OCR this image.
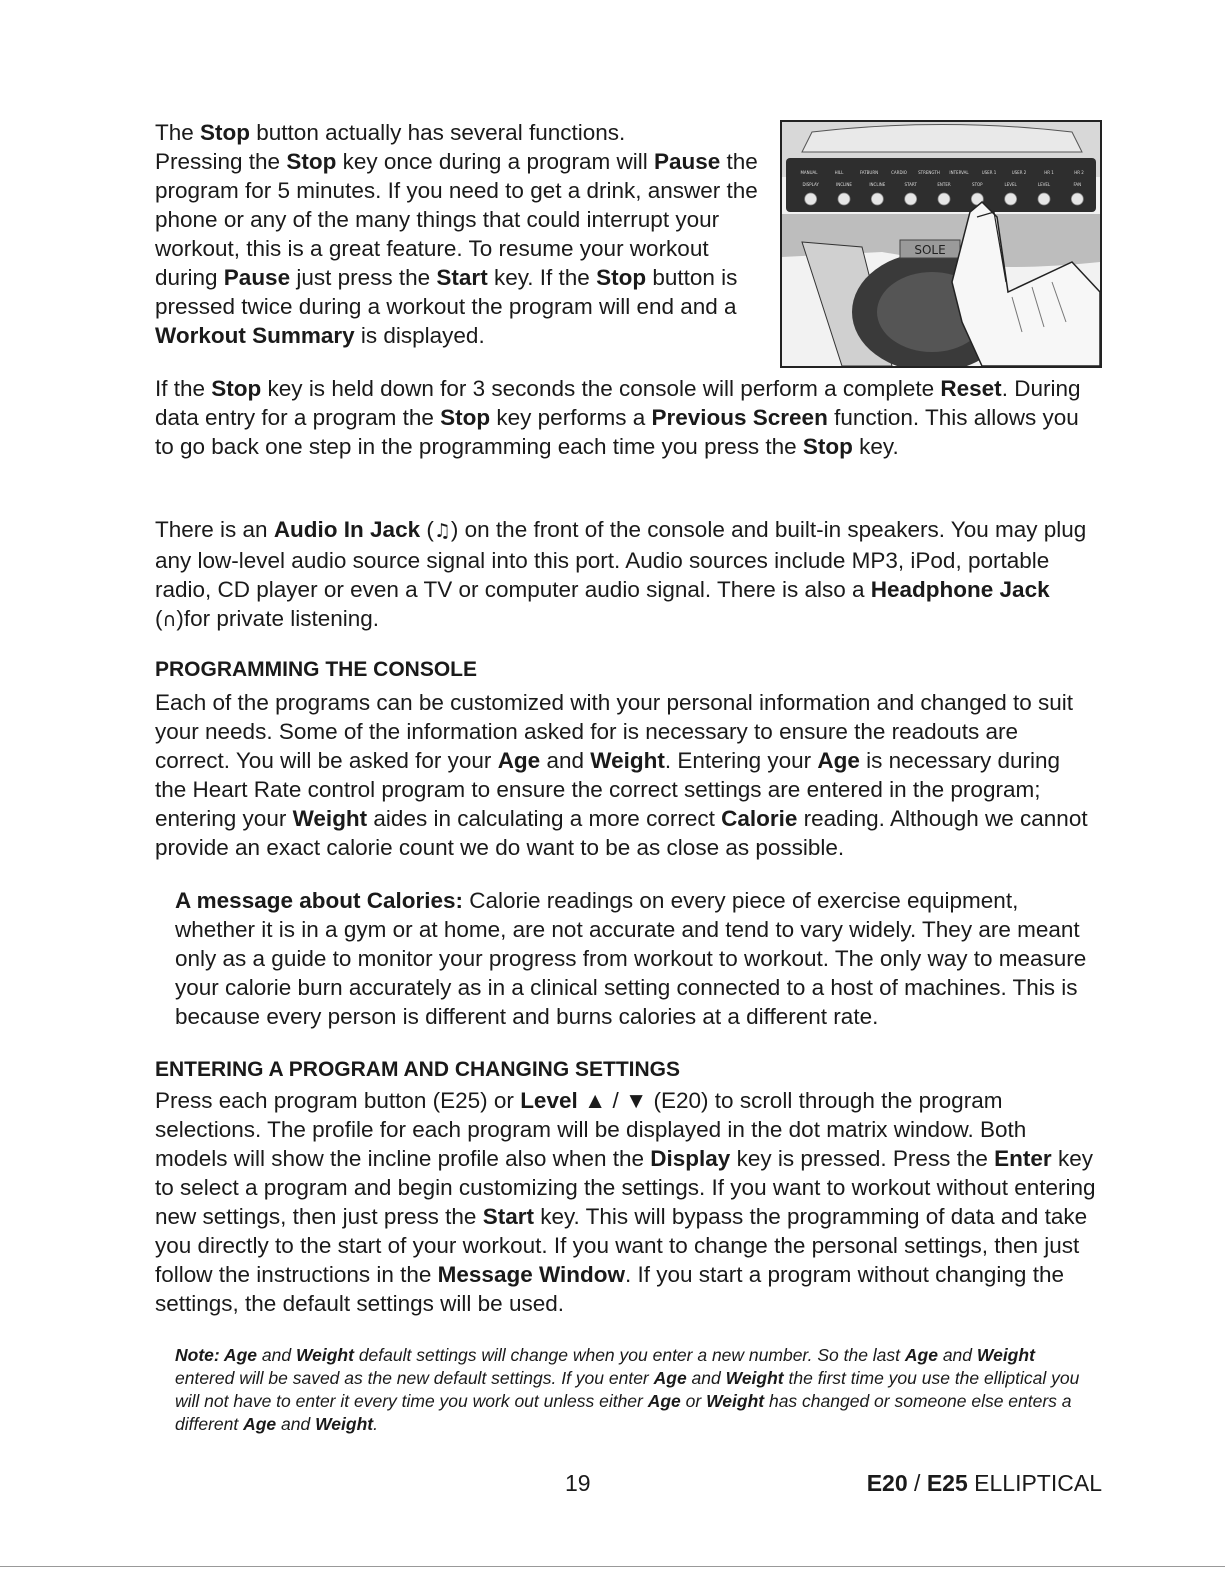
The Stop button actually has several functions.
Pressing the Stop key once during a program will Pause the program for 5 minutes. If you need to get a drink, answer the phone or any of the many things that could interrupt your workout, this is a great feature. To resume your workout during Pause just press the Start key. If the Stop button is pressed twice during a workout the program will end and a Workout Summary is displayed.

MANUAL	HILL	FATBURN	CARDIO	STRENGTH INTERVAL	USER 1	USER 2	HR 1	HR 2
DISPLAY	INCLINE	INCLINE	START	ENTER	STOP	LEVEL	LEVEL	FAN
SOLE

If the Stop key is held down for 3 seconds the console will perform a complete Reset. During data entry for a program the Stop key performs a Previous Screen function. This allows you to go back one step in the programming each time you press the Stop key.

There is an Audio In Jack (♫) on the front of the console and built-in speakers. You may plug any low-level audio source signal into this port. Audio sources include MP3, iPod, portable radio, CD player or even a TV or computer audio signal. There is also a Headphone Jack (∩)for private listening.

PROGRAMMING THE CONSOLE

Each of the programs can be customized with your personal information and changed to suit your needs. Some of the information asked for is necessary to ensure the readouts are correct. You will be asked for your Age and Weight. Entering your Age is necessary during the Heart Rate control program to ensure the correct settings are entered in the program; entering your Weight aides in calculating a more correct Calorie reading. Although we cannot provide an exact calorie count we do want to be as close as possible.

A message about Calories: Calorie readings on every piece of exercise equipment, whether it is in a gym or at home, are not accurate and tend to vary widely. They are meant only as a guide to monitor your progress from workout to workout. The only way to measure your calorie burn accurately as in a clinical setting connected to a host of machines. This is because every person is different and burns calories at a different rate.

ENTERING A PROGRAM AND CHANGING SETTINGS

Press each program button (E25) or Level ▲ / ▼ (E20) to scroll through the program selections. The profile for each program will be displayed in the dot matrix window. Both models will show the incline profile also when the Display key is pressed. Press the Enter key to select a program and begin customizing the settings. If you want to workout without entering new settings, then just press the Start key. This will bypass the programming of data and take you directly to the start of your workout. If you want to change the personal settings, then just follow the instructions in the Message Window. If you start a program without changing the settings, the default settings will be used.

Note: Age and Weight default settings will change when you enter a new number. So the last Age and Weight entered will be saved as the new default settings. If you enter Age and Weight the first time you use the elliptical you will not have to enter it every time you work out unless either Age or Weight has changed or someone else enters a different Age and Weight.

19	E20 / E25 ELLIPTICAL
